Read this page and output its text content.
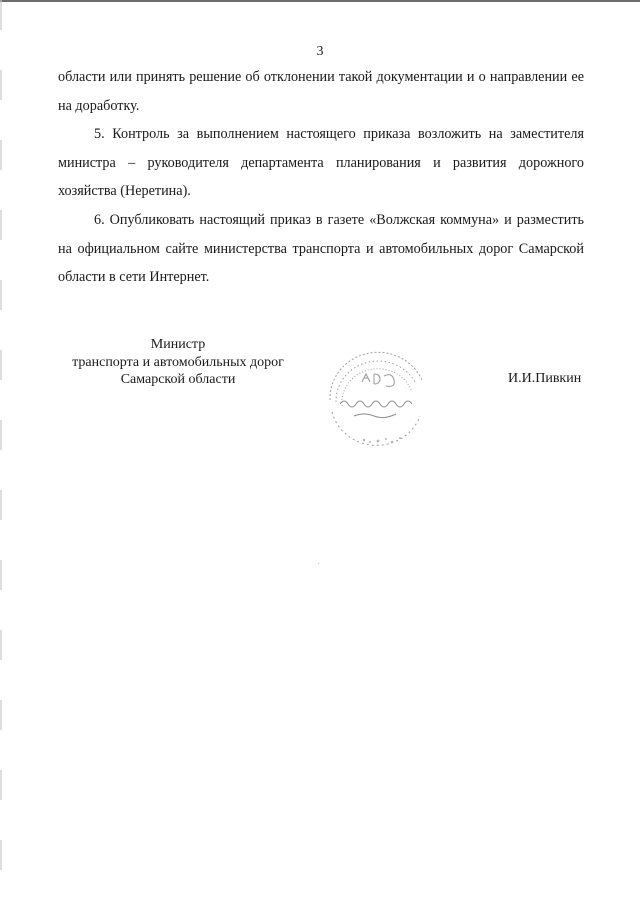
3

области или принять решение об отклонении такой документации и о направлении ее на доработку.

5. Контроль за выполнением настоящего приказа возложить на заместителя министра – руководителя департамента планирования и развития дорожного хозяйства (Неретина).

6. Опубликовать настоящий приказ в газете «Волжская коммуна» и разместить на официальном сайте министерства транспорта и автомобильных дорог Самарской области в сети Интернет.

Министр
транспорта и автомобильных дорог
Самарской области	И.И.Пивкин
